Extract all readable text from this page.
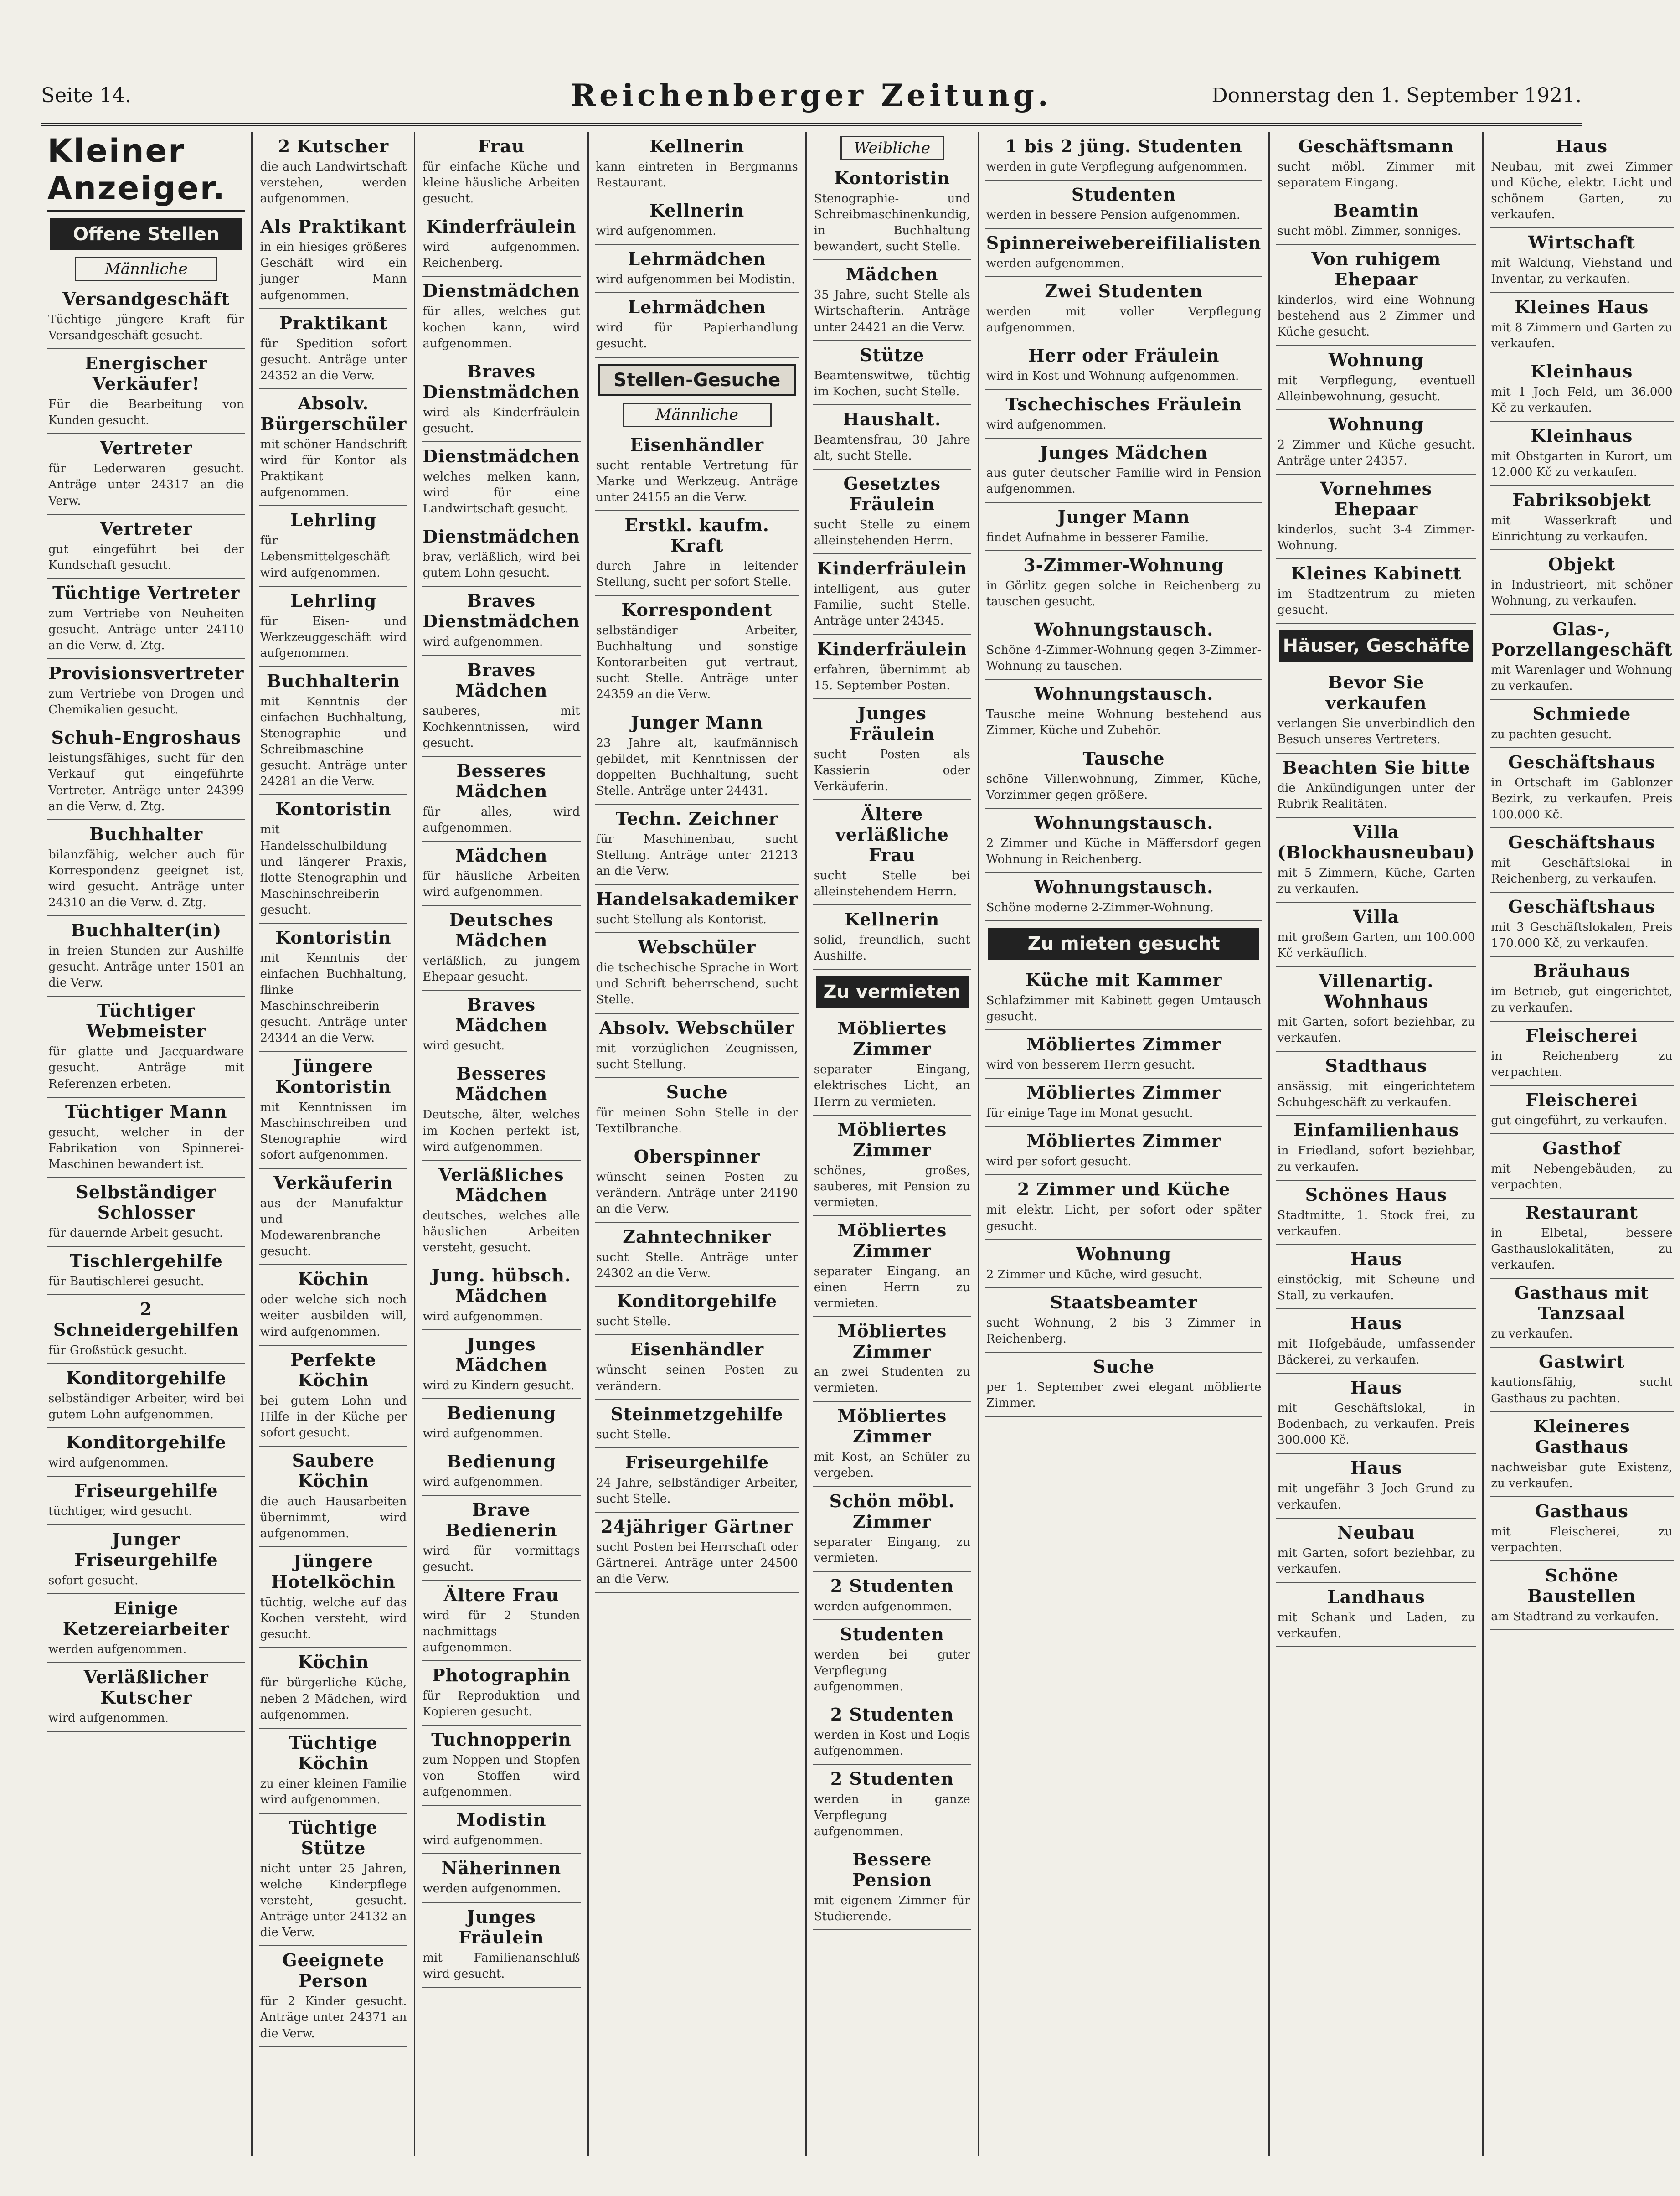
Seite 14.	Reichenberger Zeitung.	Donnerstag den 1. September 1921.
Kleiner Anzeiger.
Offene Stellen
Männliche
Versandgeschäft

Tüchtige jüngere Kraft für Versandgeschäft gesucht.

Energischer Verkäufer!

Für die Bearbeitung von Kunden gesucht.

Vertreter

für Lederwaren gesucht. Anträge unter 24317 an die Verw.

Vertreter

gut eingeführt bei der Kundschaft gesucht.

Tüchtige Vertreter

zum Vertriebe von Neuheiten gesucht. Anträge unter 24110 an die Verw. d. Ztg.

Provisionsvertreter

zum Vertriebe von Drogen und Chemikalien gesucht.

Schuh-Engroshaus

leistungsfähiges, sucht für den Verkauf gut eingeführte Vertreter. Anträge unter 24399 an die Verw. d. Ztg.

Buchhalter

bilanzfähig, welcher auch für Korrespondenz geeignet ist, wird gesucht. Anträge unter 24310 an die Verw. d. Ztg.

Buchhalter(in)

in freien Stunden zur Aushilfe gesucht. Anträge unter 1501 an die Verw.

Tüchtiger Webmeister

für glatte und Jacquardware gesucht. Anträge mit Referenzen erbeten.

Tüchtiger Mann

gesucht, welcher in der Fabrikation von Spinnerei-Maschinen bewandert ist.

Selbständiger Schlosser

für dauernde Arbeit gesucht.

Tischlergehilfe

für Bautischlerei gesucht.

2 Schneidergehilfen

für Großstück gesucht.

Konditorgehilfe

selbständiger Arbeiter, wird bei gutem Lohn aufgenommen.

Konditorgehilfe

wird aufgenommen.

Friseurgehilfe

tüchtiger, wird gesucht.

Junger Friseurgehilfe

sofort gesucht.

Einige Ketzereiarbeiter

werden aufgenommen.

Verläßlicher Kutscher

wird aufgenommen.

2 Kutscher

die auch Landwirtschaft verstehen, werden aufgenommen.

Als Praktikant

in ein hiesiges größeres Geschäft wird ein junger Mann aufgenommen.

Praktikant

für Spedition sofort gesucht. Anträge unter 24352 an die Verw.

Absolv. Bürgerschüler

mit schöner Handschrift wird für Kontor als Praktikant aufgenommen.

Lehrling

für Lebensmittelgeschäft wird aufgenommen.

Lehrling

für Eisen- und Werkzeuggeschäft wird aufgenommen.

Buchhalterin

mit Kenntnis der einfachen Buchhaltung, Stenographie und Schreibmaschine gesucht. Anträge unter 24281 an die Verw.

Kontoristin

mit Handelsschulbildung und längerer Praxis, flotte Stenographin und Maschinschreiberin gesucht.

Kontoristin

mit Kenntnis der einfachen Buchhaltung, flinke Maschinschreiberin gesucht. Anträge unter 24344 an die Verw.

Jüngere Kontoristin

mit Kenntnissen im Maschinschreiben und Stenographie wird sofort aufgenommen.

Verkäuferin

aus der Manufaktur- und Modewarenbranche gesucht.

Köchin

oder welche sich noch weiter ausbilden will, wird aufgenommen.

Perfekte Köchin

bei gutem Lohn und Hilfe in der Küche per sofort gesucht.

Saubere Köchin

die auch Hausarbeiten übernimmt, wird aufgenommen.

Jüngere Hotelköchin

tüchtig, welche auf das Kochen versteht, wird gesucht.

Köchin

für bürgerliche Küche, neben 2 Mädchen, wird aufgenommen.

Tüchtige Köchin

zu einer kleinen Familie wird aufgenommen.

Tüchtige Stütze

nicht unter 25 Jahren, welche Kinderpflege versteht, gesucht. Anträge unter 24132 an die Verw.

Geeignete Person

für 2 Kinder gesucht. Anträge unter 24371 an die Verw.

Frau

für einfache Küche und kleine häusliche Arbeiten gesucht.

Kinderfräulein

wird aufgenommen. Reichenberg.

Dienstmädchen

für alles, welches gut kochen kann, wird aufgenommen.

Braves Dienstmädchen

wird als Kinderfräulein gesucht.

Dienstmädchen

welches melken kann, wird für eine Landwirtschaft gesucht.

Dienstmädchen

brav, verläßlich, wird bei gutem Lohn gesucht.

Braves Dienstmädchen

wird aufgenommen.

Braves Mädchen

sauberes, mit Kochkenntnissen, wird gesucht.

Besseres Mädchen

für alles, wird aufgenommen.

Mädchen

für häusliche Arbeiten wird aufgenommen.

Deutsches Mädchen

verläßlich, zu jungem Ehepaar gesucht.

Braves Mädchen

wird gesucht.

Besseres Mädchen

Deutsche, älter, welches im Kochen perfekt ist, wird aufgenommen.

Verläßliches Mädchen

deutsches, welches alle häuslichen Arbeiten versteht, gesucht.

Jung. hübsch. Mädchen

wird aufgenommen.

Junges Mädchen

wird zu Kindern gesucht.

Bedienung

wird aufgenommen.

Bedienung

wird aufgenommen.

Brave Bedienerin

wird für vormittags gesucht.

Ältere Frau

wird für 2 Stunden nachmittags aufgenommen.

Photographin

für Reproduktion und Kopieren gesucht.

Tuchnopperin

zum Noppen und Stopfen von Stoffen wird aufgenommen.

Modistin

wird aufgenommen.

Näherinnen

werden aufgenommen.

Junges Fräulein

mit Familienanschluß wird gesucht.

Kellnerin

kann eintreten in Bergmanns Restaurant.

Kellnerin

wird aufgenommen.

Lehrmädchen

wird aufgenommen bei Modistin.

Lehrmädchen

wird für Papierhandlung gesucht.

Stellen-Gesuche
Männliche
Eisenhändler

sucht rentable Vertretung für Marke und Werkzeug. Anträge unter 24155 an die Verw.

Erstkl. kaufm. Kraft

durch Jahre in leitender Stellung, sucht per sofort Stelle.

Korrespondent

selbständiger Arbeiter, Buchhaltung und sonstige Kontorarbeiten gut vertraut, sucht Stelle. Anträge unter 24359 an die Verw.

Junger Mann

23 Jahre alt, kaufmännisch gebildet, mit Kenntnissen der doppelten Buchhaltung, sucht Stelle. Anträge unter 24431.

Techn. Zeichner

für Maschinenbau, sucht Stellung. Anträge unter 21213 an die Verw.

Handelsakademiker

sucht Stellung als Kontorist.

Webschüler

die tschechische Sprache in Wort und Schrift beherrschend, sucht Stelle.

Absolv. Webschüler

mit vorzüglichen Zeugnissen, sucht Stellung.

Suche

für meinen Sohn Stelle in der Textilbranche.

Oberspinner

wünscht seinen Posten zu verändern. Anträge unter 24190 an die Verw.

Zahntechniker

sucht Stelle. Anträge unter 24302 an die Verw.

Konditorgehilfe

sucht Stelle.

Eisenhändler

wünscht seinen Posten zu verändern.

Steinmetzgehilfe

sucht Stelle.

Friseurgehilfe

24 Jahre, selbständiger Arbeiter, sucht Stelle.

24jähriger Gärtner

sucht Posten bei Herrschaft oder Gärtnerei. Anträge unter 24500 an die Verw.

Weibliche
Kontoristin

Stenographie- und Schreibmaschinenkundig, in Buchhaltung bewandert, sucht Stelle.

Mädchen

35 Jahre, sucht Stelle als Wirtschafterin. Anträge unter 24421 an die Verw.

Stütze

Beamtenswitwe, tüchtig im Kochen, sucht Stelle.

Haushalt.

Beamtensfrau, 30 Jahre alt, sucht Stelle.

Gesetztes Fräulein

sucht Stelle zu einem alleinstehenden Herrn.

Kinderfräulein

intelligent, aus guter Familie, sucht Stelle. Anträge unter 24345.

Kinderfräulein

erfahren, übernimmt ab 15. September Posten.

Junges Fräulein

sucht Posten als Kassierin oder Verkäuferin.

Ältere verläßliche Frau

sucht Stelle bei alleinstehendem Herrn.

Kellnerin

solid, freundlich, sucht Aushilfe.

Zu vermieten
Möbliertes Zimmer

separater Eingang, elektrisches Licht, an Herrn zu vermieten.

Möbliertes Zimmer

schönes, großes, sauberes, mit Pension zu vermieten.

Möbliertes Zimmer

separater Eingang, an einen Herrn zu vermieten.

Möbliertes Zimmer

an zwei Studenten zu vermieten.

Möbliertes Zimmer

mit Kost, an Schüler zu vergeben.

Schön möbl. Zimmer

separater Eingang, zu vermieten.

2 Studenten

werden aufgenommen.

Studenten

werden bei guter Verpflegung aufgenommen.

2 Studenten

werden in Kost und Logis aufgenommen.

2 Studenten

werden in ganze Verpflegung aufgenommen.

Bessere Pension

mit eigenem Zimmer für Studierende.

1 bis 2 jüng. Studenten

werden in gute Verpflegung aufgenommen.

Studenten

werden in bessere Pension aufgenommen.

Spinnereiwebereifilialisten

werden aufgenommen.

Zwei Studenten

werden mit voller Verpflegung aufgenommen.

Herr oder Fräulein

wird in Kost und Wohnung aufgenommen.

Tschechisches Fräulein

wird aufgenommen.

Junges Mädchen

aus guter deutscher Familie wird in Pension aufgenommen.

Junger Mann

findet Aufnahme in besserer Familie.

3-Zimmer-Wohnung

in Görlitz gegen solche in Reichenberg zu tauschen gesucht.

Wohnungstausch.

Schöne 4-Zimmer-Wohnung gegen 3-Zimmer-Wohnung zu tauschen.

Wohnungstausch.

Tausche meine Wohnung bestehend aus Zimmer, Küche und Zubehör.

Tausche

schöne Villenwohnung, Zimmer, Küche, Vorzimmer gegen größere.

Wohnungstausch.

2 Zimmer und Küche in Mäffersdorf gegen Wohnung in Reichenberg.

Wohnungstausch.

Schöne moderne 2-Zimmer-Wohnung.

Zu mieten gesucht
Küche mit Kammer

Schlafzimmer mit Kabinett gegen Umtausch gesucht.

Möbliertes Zimmer

wird von besserem Herrn gesucht.

Möbliertes Zimmer

für einige Tage im Monat gesucht.

Möbliertes Zimmer

wird per sofort gesucht.

2 Zimmer und Küche

mit elektr. Licht, per sofort oder später gesucht.

Wohnung

2 Zimmer und Küche, wird gesucht.

Staatsbeamter

sucht Wohnung, 2 bis 3 Zimmer in Reichenberg.

Suche

per 1. September zwei elegant möblierte Zimmer.

Geschäftsmann

sucht möbl. Zimmer mit separatem Eingang.

Beamtin

sucht möbl. Zimmer, sonniges.

Von ruhigem Ehepaar

kinderlos, wird eine Wohnung bestehend aus 2 Zimmer und Küche gesucht.

Wohnung

mit Verpflegung, eventuell Alleinbewohnung, gesucht.

Wohnung

2 Zimmer und Küche gesucht. Anträge unter 24357.

Vornehmes Ehepaar

kinderlos, sucht 3-4 Zimmer-Wohnung.

Kleines Kabinett

im Stadtzentrum zu mieten gesucht.

Häuser, Geschäfte
Bevor Sie verkaufen

verlangen Sie unverbindlich den Besuch unseres Vertreters.

Beachten Sie bitte

die Ankündigungen unter der Rubrik Realitäten.

Villa (Blockhausneubau)

mit 5 Zimmern, Küche, Garten zu verkaufen.

Villa

mit großem Garten, um 100.000 Kč verkäuflich.

Villenartig. Wohnhaus

mit Garten, sofort beziehbar, zu verkaufen.

Stadthaus

ansässig, mit eingerichtetem Schuhgeschäft zu verkaufen.

Einfamilienhaus

in Friedland, sofort beziehbar, zu verkaufen.

Schönes Haus

Stadtmitte, 1. Stock frei, zu verkaufen.

Haus

einstöckig, mit Scheune und Stall, zu verkaufen.

Haus

mit Hofgebäude, umfassender Bäckerei, zu verkaufen.

Haus

mit Geschäftslokal, in Bodenbach, zu verkaufen. Preis 300.000 Kč.

Haus

mit ungefähr 3 Joch Grund zu verkaufen.

Neubau

mit Garten, sofort beziehbar, zu verkaufen.

Landhaus

mit Schank und Laden, zu verkaufen.

Haus

Neubau, mit zwei Zimmer und Küche, elektr. Licht und schönem Garten, zu verkaufen.

Wirtschaft

mit Waldung, Viehstand und Inventar, zu verkaufen.

Kleines Haus

mit 8 Zimmern und Garten zu verkaufen.

Kleinhaus

mit 1 Joch Feld, um 36.000 Kč zu verkaufen.

Kleinhaus

mit Obstgarten in Kurort, um 12.000 Kč zu verkaufen.

Fabriksobjekt

mit Wasserkraft und Einrichtung zu verkaufen.

Objekt

in Industrieort, mit schöner Wohnung, zu verkaufen.

Glas-, Porzellangeschäft

mit Warenlager und Wohnung zu verkaufen.

Schmiede

zu pachten gesucht.

Geschäftshaus

in Ortschaft im Gablonzer Bezirk, zu verkaufen. Preis 100.000 Kč.

Geschäftshaus

mit Geschäftslokal in Reichenberg, zu verkaufen.

Geschäftshaus

mit 3 Geschäftslokalen, Preis 170.000 Kč, zu verkaufen.

Bräuhaus

im Betrieb, gut eingerichtet, zu verkaufen.

Fleischerei

in Reichenberg zu verpachten.

Fleischerei

gut eingeführt, zu verkaufen.

Gasthof

mit Nebengebäuden, zu verpachten.

Restaurant

in Elbetal, bessere Gasthauslokalitäten, zu verkaufen.

Gasthaus mit Tanzsaal

zu verkaufen.

Gastwirt

kautionsfähig, sucht Gasthaus zu pachten.

Kleineres Gasthaus

nachweisbar gute Existenz, zu verkaufen.

Gasthaus

mit Fleischerei, zu verpachten.

Schöne Baustellen

am Stadtrand zu verkaufen.
